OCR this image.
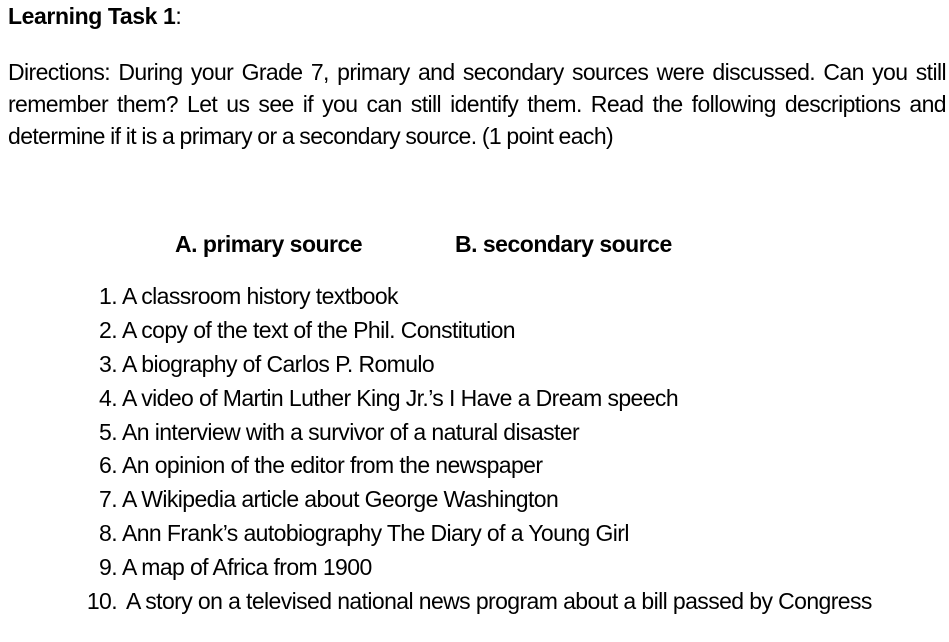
Learning Task 1:
Directions: During your Grade 7, primary and secondary sources were discussed. Can you still remember them? Let us see if you can still identify them. Read the following descriptions and determine if it is a primary or a secondary source. (1 point each)
A. primary source	B. secondary source
1. A classroom history textbook
2. A copy of the text of the Phil. Constitution
3. A biography of Carlos P. Romulo
4. A video of Martin Luther King Jr.’s I Have a Dream speech
5. An interview with a survivor of a natural disaster
6. An opinion of the editor from the newspaper
7. A Wikipedia article about George Washington
8. Ann Frank’s autobiography The Diary of a Young Girl
9. A map of Africa from 1900
10. A story on a televised national news program about a bill passed by Congress
